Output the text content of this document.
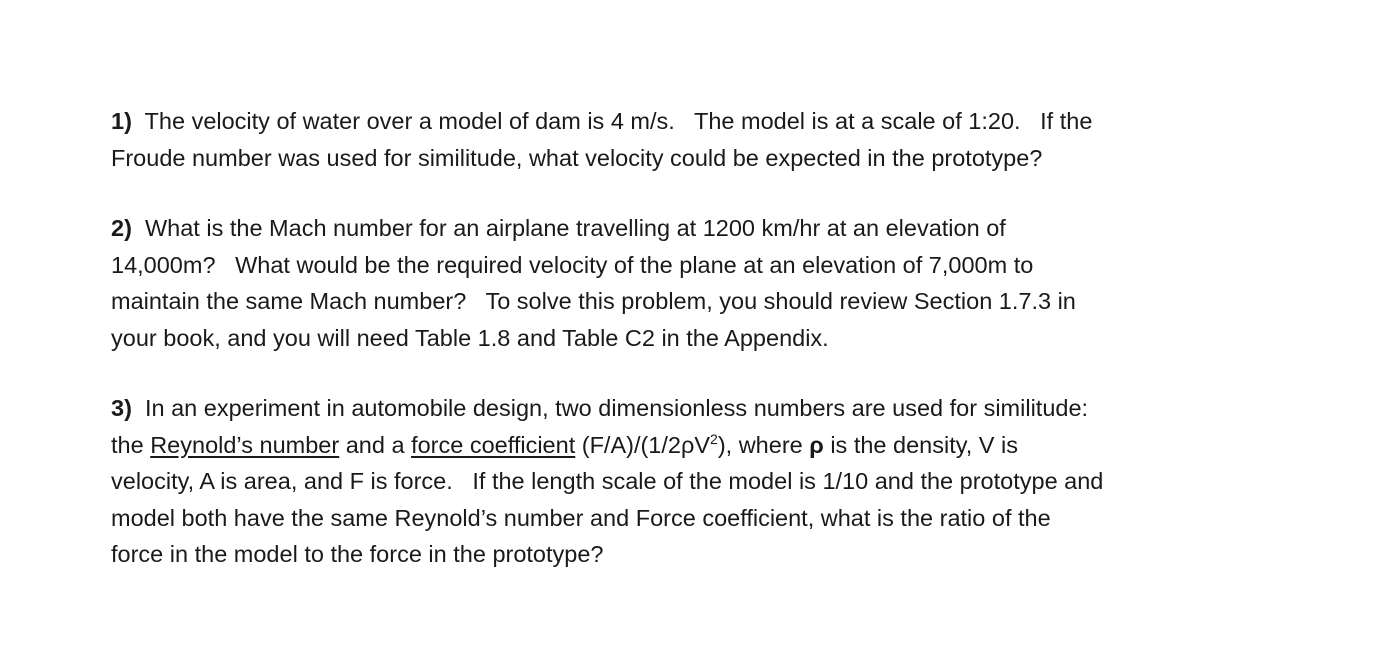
1) The velocity of water over a model of dam is 4 m/s.   The model is at a scale of 1:20.   If the
Froude number was used for similitude, what velocity could be expected in the prototype?

2) What is the Mach number for an airplane travelling at 1200 km/hr at an elevation of
14,000m?   What would be the required velocity of the plane at an elevation of 7,000m to
maintain the same Mach number?   To solve this problem, you should review Section 1.7.3 in
your book, and you will need Table 1.8 and Table C2 in the Appendix.

3) In an experiment in automobile design, two dimensionless numbers are used for similitude:
the Reynold’s number and a force coefficient $(F/A)/(1/2\rho V^2)$, where ρ is the density, V is
velocity, A is area, and F is force.   If the length scale of the model is 1/10 and the prototype and
model both have the same Reynold’s number and Force coefficient, what is the ratio of the
force in the model to the force in the prototype?
